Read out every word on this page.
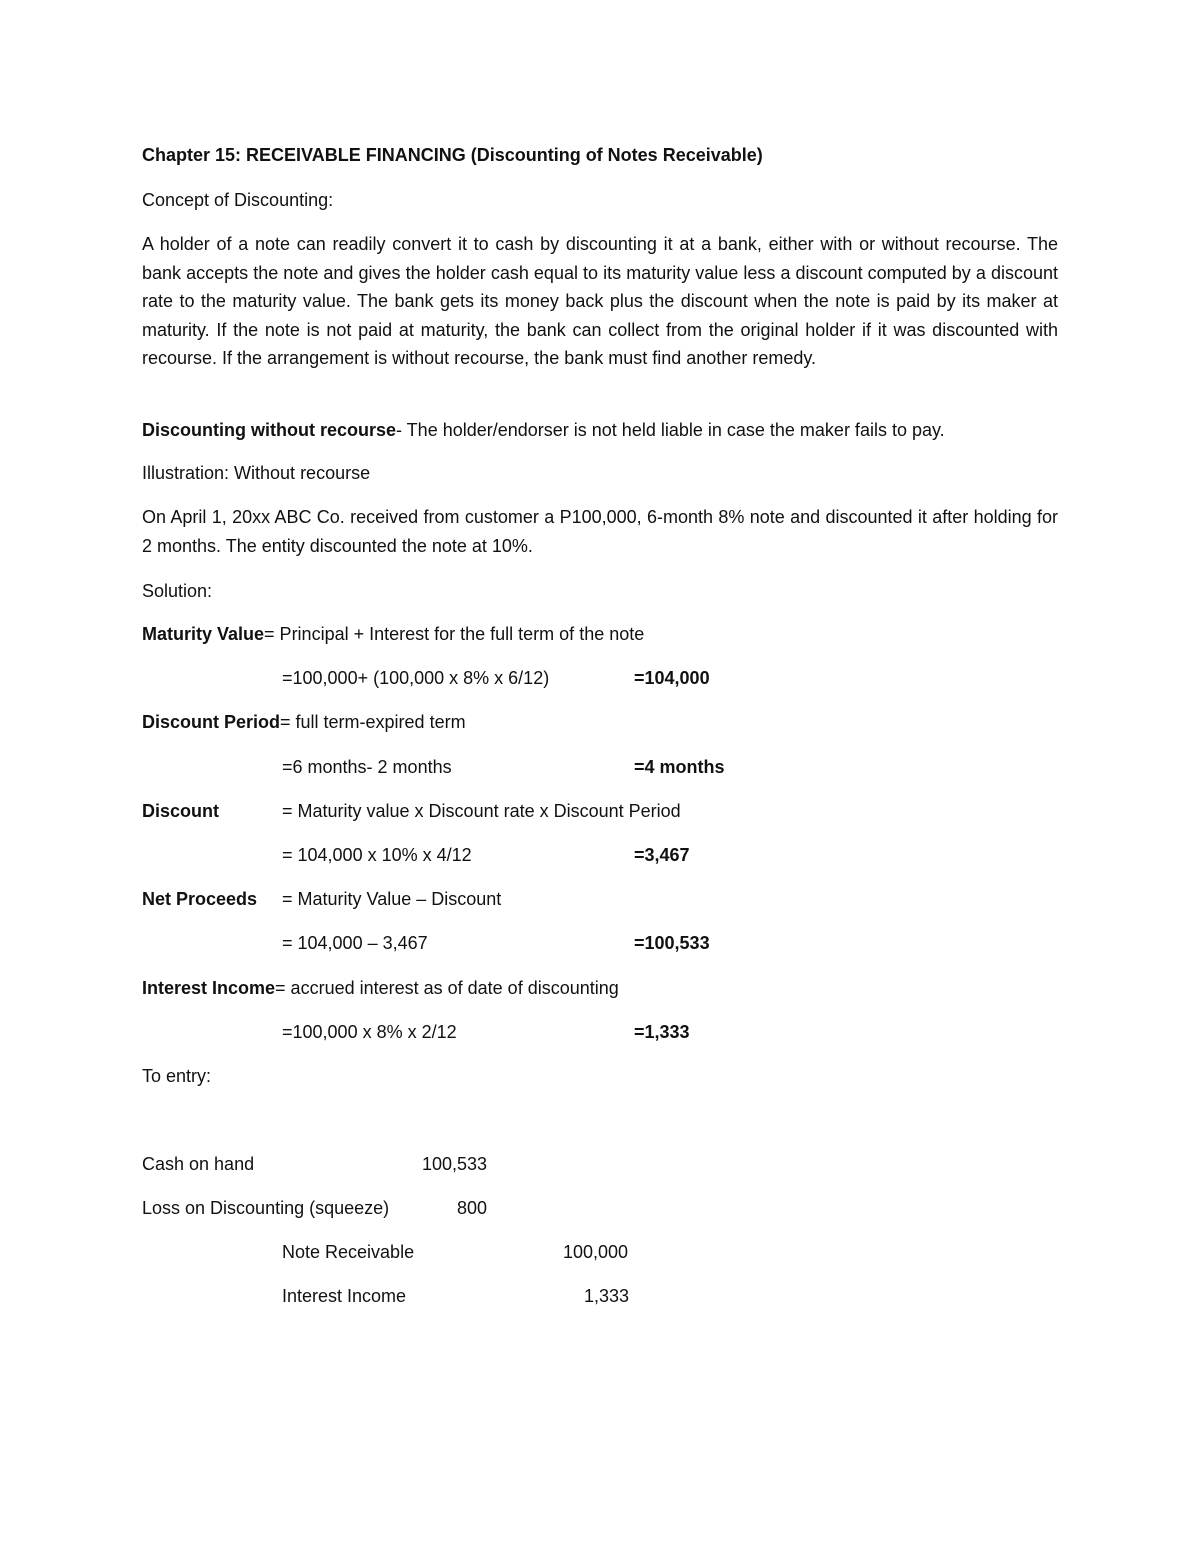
Chapter 15: RECEIVABLE FINANCING (Discounting of Notes Receivable)
Concept of Discounting:
A holder of a note can readily convert it to cash by discounting it at a bank, either with or without recourse. The bank accepts the note and gives the holder cash equal to its maturity value less a discount computed by a discount rate to the maturity value. The bank gets its money back plus the discount when the note is paid by its maker at maturity. If the note is not paid at maturity, the bank can collect from the original holder if it was discounted with recourse. If the arrangement is without recourse, the bank must find another remedy.
Discounting without recourse- The holder/endorser is not held liable in case the maker fails to pay.
Illustration: Without recourse
On April 1, 20xx ABC Co. received from customer a P100,000, 6-month 8% note and discounted it after holding for 2 months. The entity discounted the note at 10%.
Solution:
Maturity Value= Principal + Interest for the full term of the note
=100,000+ (100,000 x 8% x 6/12)	=104,000
Discount Period= full term-expired term
=6 months- 2 months	=4 months
Discount	= Maturity value x Discount rate x Discount Period
= 104,000 x 10% x 4/12	=3,467
Net Proceeds = Maturity Value – Discount
= 104,000 – 3,467	=100,533
Interest Income= accrued interest as of date of discounting
=100,000 x 8% x 2/12	=1,333
To entry:
Cash on hand	100,533
Loss on Discounting (squeeze)	800
Note Receivable	100,000
Interest Income	1,333
